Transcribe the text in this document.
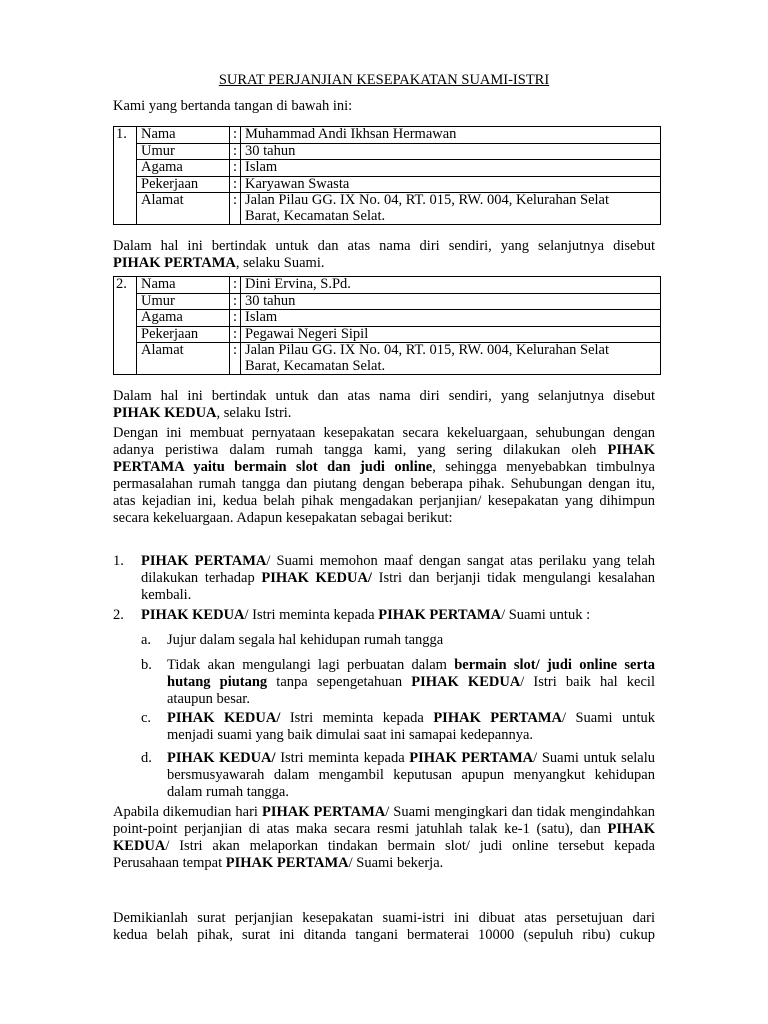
SURAT PERJANJIAN KESEPAKATAN SUAMI-ISTRI
Kami yang bertanda tangan di bawah ini:
1.	Nama	:	Muhammad Andi Ikhsan Hermawan
	Umur	:	30 tahun
	Agama	:	Islam
	Pekerjaan	:	Karyawan Swasta
	Alamat	:	Jalan Pilau GG. IX No. 04, RT. 015, RW. 004, Kelurahan Selat
Barat, Kecamatan Selat.
Dalam hal ini bertindak untuk dan atas nama diri sendiri, yang selanjutnya disebut
PIHAK PERTAMA, selaku Suami.
2.	Nama	:	Dini Ervina, S.Pd.
	Umur	:	30 tahun
	Agama	:	Islam
	Pekerjaan	:	Pegawai Negeri Sipil
	Alamat	:	Jalan Pilau GG. IX No. 04, RT. 015, RW. 004, Kelurahan Selat
Barat, Kecamatan Selat.
Dalam hal ini bertindak untuk dan atas nama diri sendiri, yang selanjutnya disebut
PIHAK KEDUA, selaku Istri.
Dengan ini membuat pernyataan kesepakatan secara kekeluargaan, sehubungan dengan adanya peristiwa dalam rumah tangga kami, yang sering dilakukan oleh PIHAK PERTAMA yaitu bermain slot dan judi online, sehingga menyebabkan timbulnya permasalahan rumah tangga dan piutang dengan beberapa pihak. Sehubungan dengan itu, atas kejadian ini, kedua belah pihak mengadakan perjanjian/ kesepakatan yang dihimpun secara kekeluargaan. Adapun kesepakatan sebagai berikut:
1. PIHAK PERTAMA/ Suami memohon maaf dengan sangat atas perilaku yang telah dilakukan terhadap PIHAK KEDUA/ Istri dan berjanji tidak mengulangi kesalahan kembali.
2. PIHAK KEDUA/ Istri meminta kepada PIHAK PERTAMA/ Suami untuk :
a. Jujur dalam segala hal kehidupan rumah tangga
b. Tidak akan mengulangi lagi perbuatan dalam bermain slot/ judi online serta hutang piutang tanpa sepengetahuan PIHAK KEDUA/ Istri baik hal kecil ataupun besar.
c. PIHAK KEDUA/ Istri meminta kepada PIHAK PERTAMA/ Suami untuk menjadi suami yang baik dimulai saat ini samapai kedepannya.
d. PIHAK KEDUA/ Istri meminta kepada PIHAK PERTAMA/ Suami untuk selalu bersmusyawarah dalam mengambil keputusan apupun menyangkut kehidupan dalam rumah tangga.
Apabila dikemudian hari PIHAK PERTAMA/ Suami mengingkari dan tidak mengindahkan point-point perjanjian di atas maka secara resmi jatuhlah talak ke-1 (satu), dan PIHAK KEDUA/ Istri akan melaporkan tindakan bermain slot/ judi online tersebut kepada Perusahaan tempat PIHAK PERTAMA/ Suami bekerja.
Demikianlah surat perjanjian kesepakatan suami-istri ini dibuat atas persetujuan dari
kedua belah pihak, surat ini ditanda tangani bermaterai 10000 (sepuluh ribu) cukup
